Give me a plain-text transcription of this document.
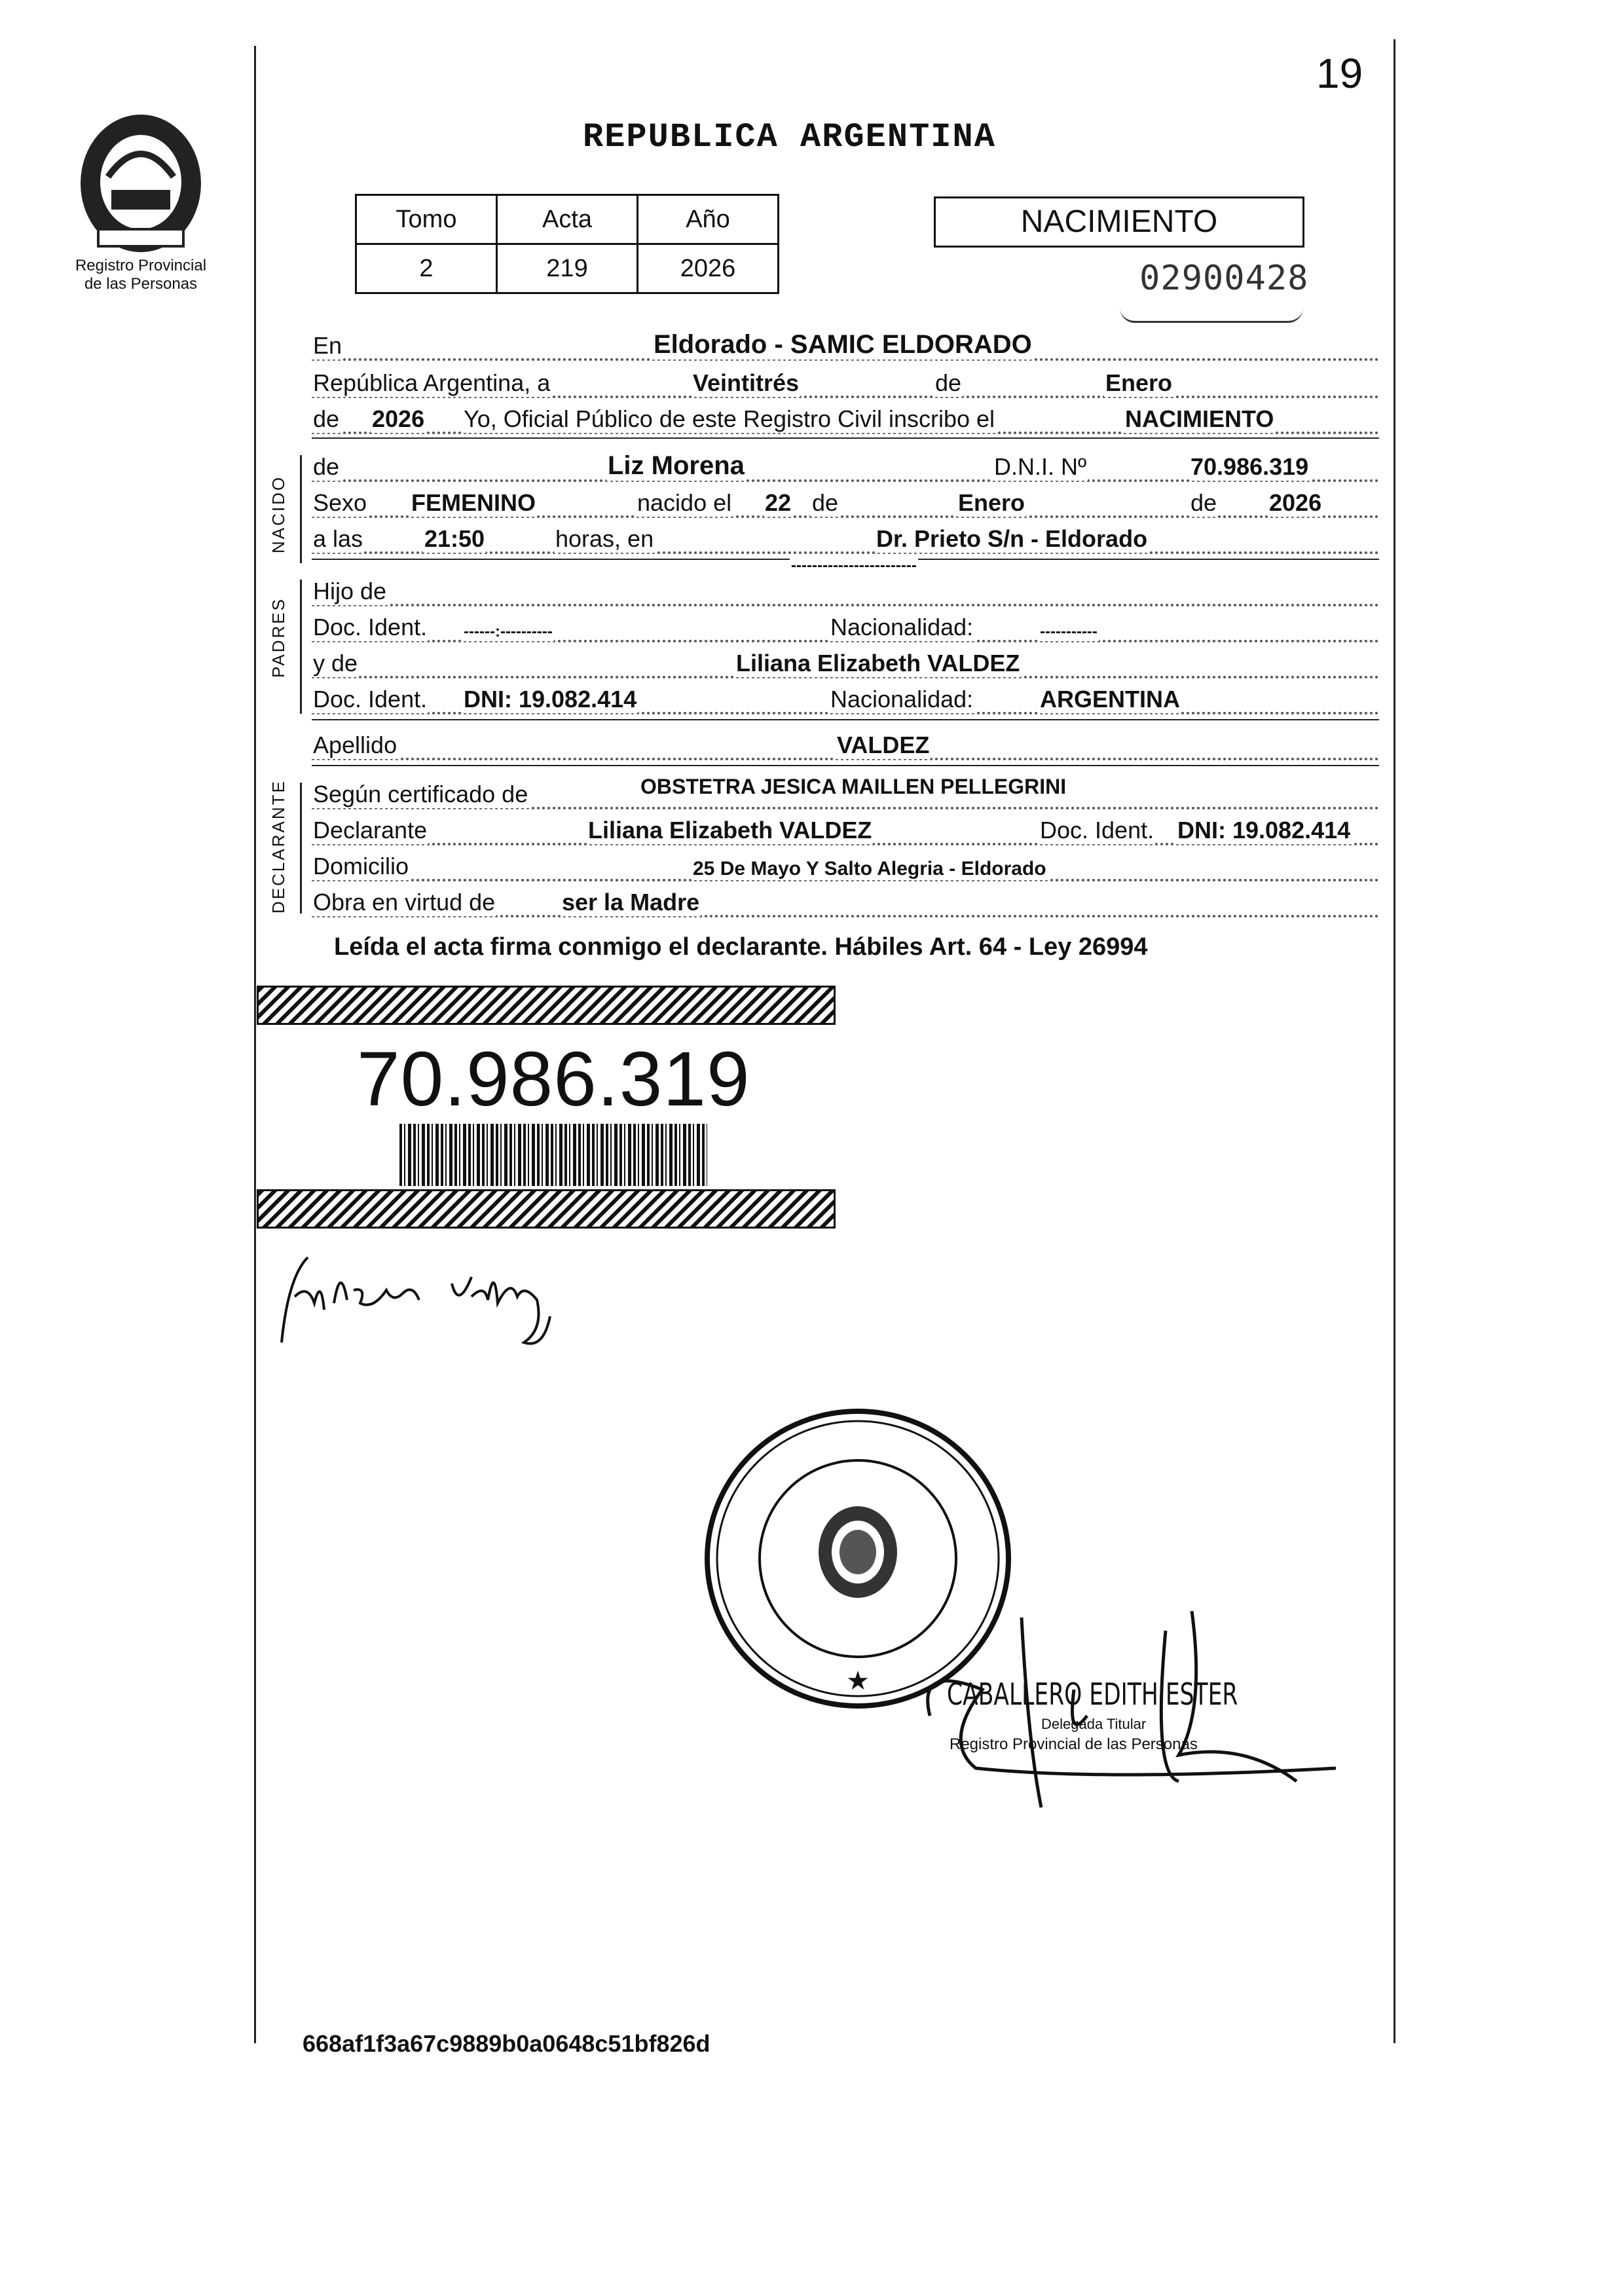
19
Registro Provincial
de las Personas
REPUBLICA ARGENTINA
Tomo	Acta	Año
2	219	2026
NACIMIENTO
02900428
En	Eldorado - SAMIC ELDORADO
República Argentina, a	Veintitrés	de	Enero
de 2026 Yo, Oficial Público de este Registro Civil inscribo el	NACIMIENTO
NACIDO
de	Liz Morena	D.N.I. Nº	70.986.319
Sexo FEMENINO	nacido el 22 de	Enero	de 2026
a las	21:50	horas, en	Dr. Prieto S/n - Eldorado
PADRES
Hijo de
------------------------
Doc. Ident. ------:----------	Nacionalidad:	-----------
y de	Liliana Elizabeth VALDEZ
Doc. Ident. DNI: 19.082.414	Nacionalidad:	ARGENTINA
Apellido	VALDEZ
DECLARANTE Según certificado de	OBSTETRA JESICA MAILLEN PELLEGRINI
Declarante	Liliana Elizabeth VALDEZ	Doc. Ident. DNI: 19.082.414
Domicilio	25 De Mayo Y Salto Alegria - Eldorado
Obra en virtud de	ser la Madre
Leída el acta firma conmigo el declarante. Hábiles Art. 64 - Ley 26994
70.986.319
★	CABALLERO EDITH ESTER
Delegada Titular
Registro Provincial de las Personas
668af1f3a67c9889b0a0648c51bf826d
